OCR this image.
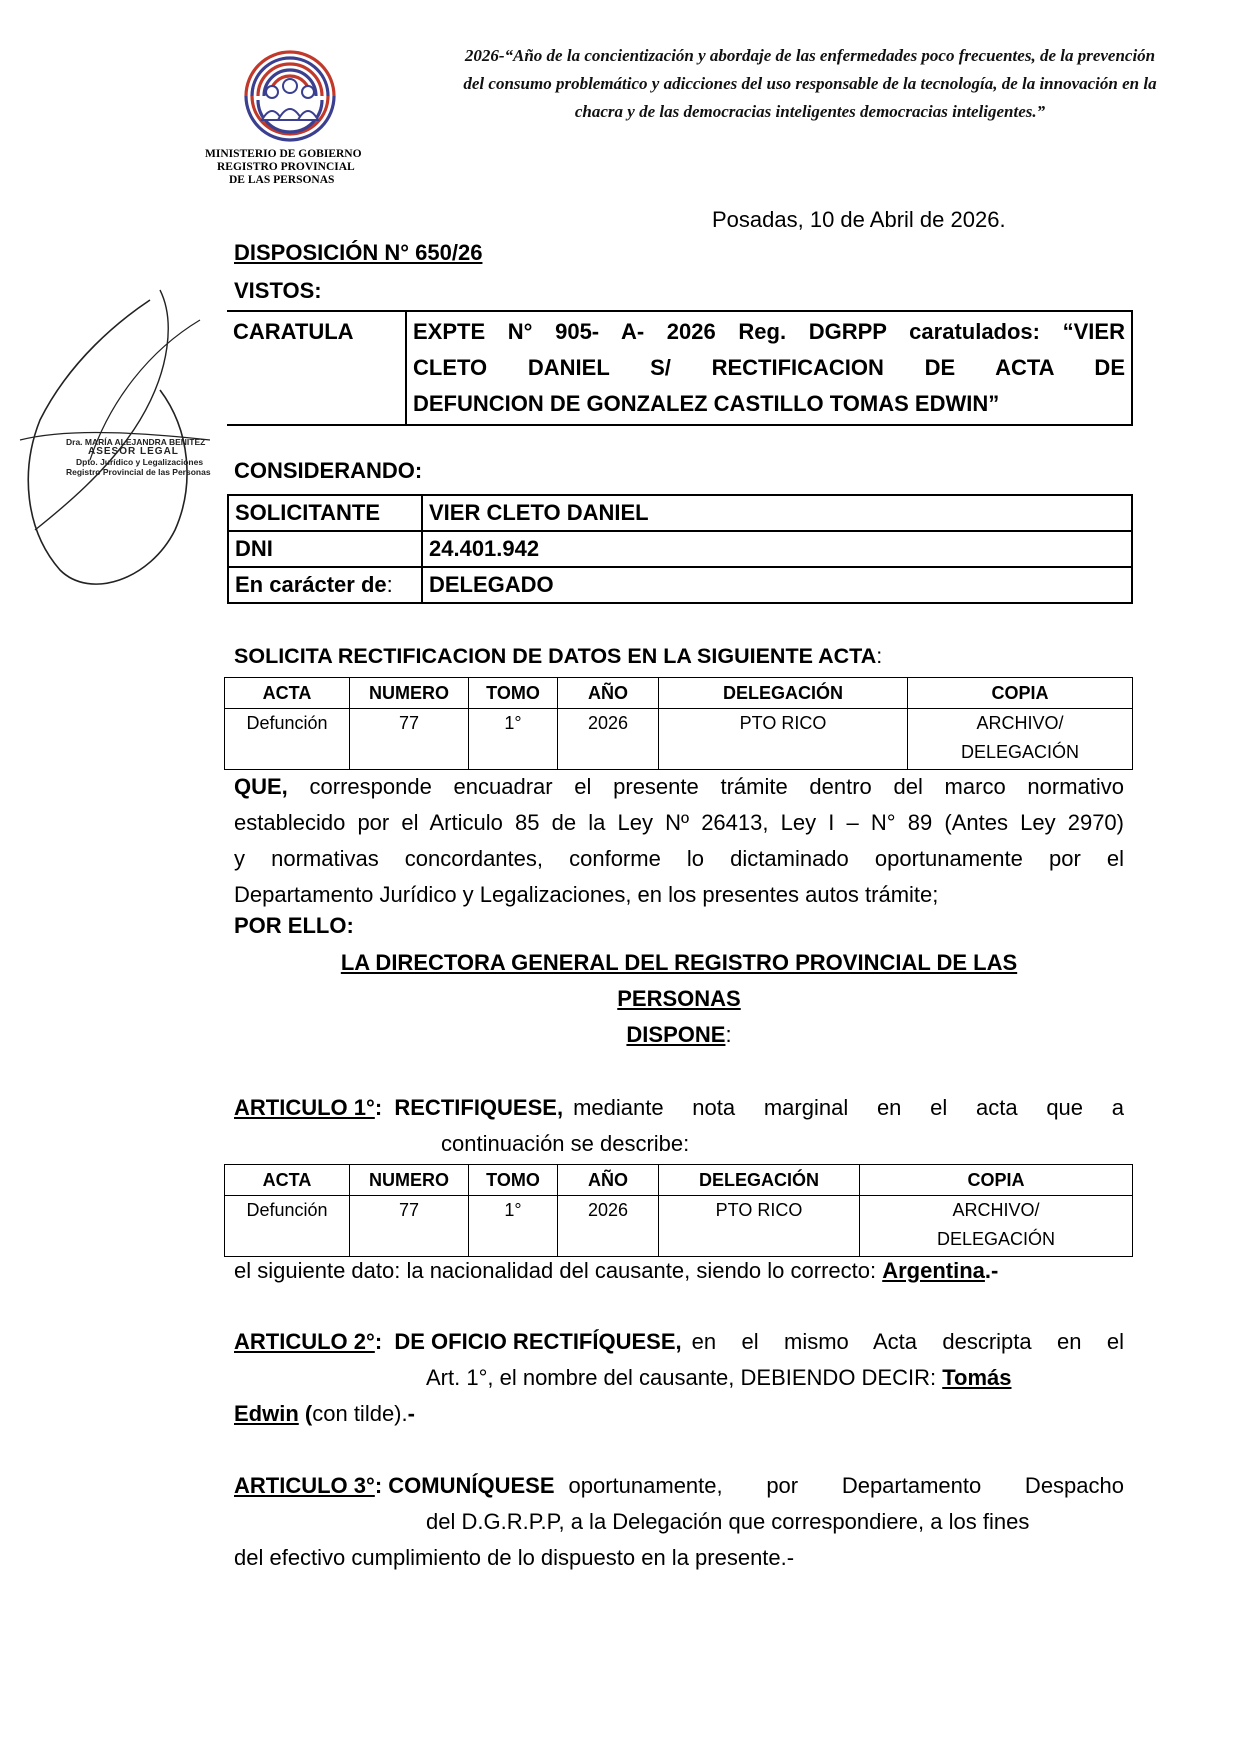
MINISTERIO DE GOBIERNO
REGISTRO PROVINCIAL
DE LAS PERSONAS
2026-“Año de la concientización y abordaje de las enfermedades poco frecuentes, de la prevención
del consumo problemático y adicciones del uso responsable de la tecnología, de la innovación en la
chacra y de las democracias inteligentes democracias inteligentes.”
Dra. MARÍA ALEJANDRA BENITEZ
ASESOR LEGAL
Dpto. Jurídico y Legalizaciones
Registro Provincial de las Personas
Posadas, 10 de Abril de 2026.
DISPOSICIÓN N° 650/26
VISTOS:
CARATULA	EXPTE N° 905- A- 2026 Reg. DGRPP caratulados: “VIER
CLETO DANIEL S/ RECTIFICACION DE ACTA DE
DEFUNCION DE GONZALEZ CASTILLO TOMAS EDWIN”
CONSIDERANDO:
SOLICITANTE	VIER CLETO DANIEL
DNI	24.401.942
En carácter de:	DELEGADO
SOLICITA RECTIFICACION DE DATOS EN LA SIGUIENTE ACTA:
ACTA	NUMERO	TOMO	AÑO	DELEGACIÓN	COPIA
Defunción	77	1°	2026	PTO RICO	ARCHIVO/
DELEGACIÓN
QUE, corresponde encuadrar el presente trámite dentro del marco normativo
establecido por el Articulo 85 de la Ley Nº 26413, Ley I – N° 89 (Antes Ley 2970)
y normativas concordantes, conforme lo dictaminado oportunamente por el
Departamento Jurídico y Legalizaciones, en los presentes autos trámite;
POR ELLO:
LA DIRECTORA GENERAL DEL REGISTRO PROVINCIAL DE LAS
PERSONAS
DISPONE:
ARTICULO 1°: RECTIFIQUESE, mediante nota marginal en el acta que a
continuación se describe:
ACTA	NUMERO	TOMO	AÑO	DELEGACIÓN	COPIA
Defunción	77	1°	2026	PTO RICO	ARCHIVO/
DELEGACIÓN
el siguiente dato: la nacionalidad del causante, siendo lo correcto: Argentina.-
ARTICULO 2°: DE OFICIO RECTIFÍQUESE, en el mismo Acta descripta en el
Art. 1°, el nombre del causante, DEBIENDO DECIR: Tomás
Edwin (con tilde).-
ARTICULO 3°: COMUNÍQUESE oportunamente, por Departamento Despacho
del D.G.R.P.P, a la Delegación que correspondiere, a los fines
del efectivo cumplimiento de lo dispuesto en la presente.-
